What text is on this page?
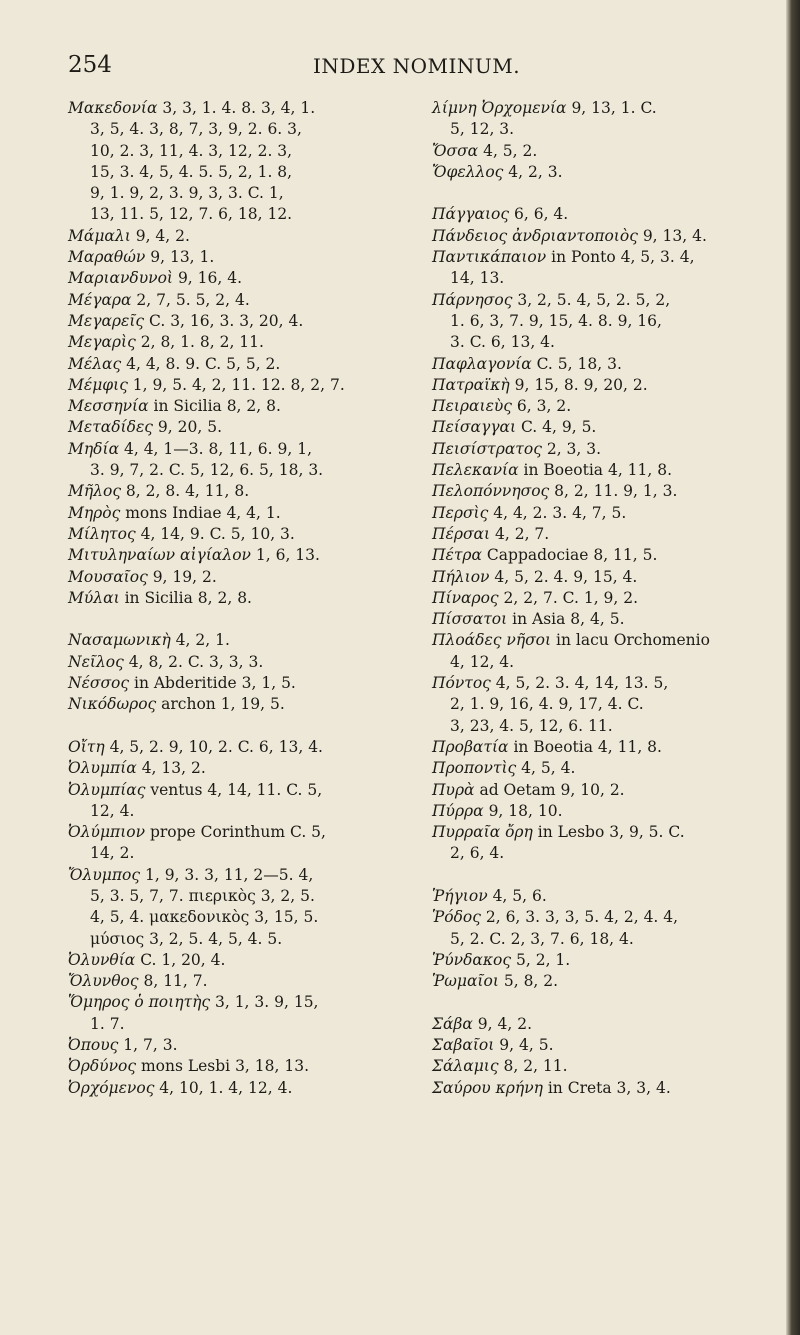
254	INDEX NOMINUM.
Μακεδονία 3, 3, 1. 4. 8. 3, 4, 1.
3, 5, 4. 3, 8, 7, 3, 9, 2. 6. 3,
10, 2. 3, 11, 4. 3, 12, 2. 3,
15, 3. 4, 5, 4. 5. 5, 2, 1. 8,
9, 1. 9, 2, 3. 9, 3, 3. C. 1,
13, 11. 5, 12, 7. 6, 18, 12.
Μάμαλι 9, 4, 2.
Μαραθών 9, 13, 1.
Μαριανδυνοὶ 9, 16, 4.
Μέγαρα 2, 7, 5. 5, 2, 4.
Μεγαρεῖς C. 3, 16, 3. 3, 20, 4.
Μεγαρὶς 2, 8, 1. 8, 2, 11.
Μέλας 4, 4, 8. 9. C. 5, 5, 2.
Μέμφις 1, 9, 5. 4, 2, 11. 12. 8, 2, 7.
Μεσσηνία in Sicilia 8, 2, 8.
Μεταδίδες 9, 20, 5.
Μηδία 4, 4, 1—3. 8, 11, 6. 9, 1,
3. 9, 7, 2. C. 5, 12, 6. 5, 18, 3.
Μῆλος 8, 2, 8. 4, 11, 8.
Μηρὸς mons Indiae 4, 4, 1.
Μίλητος 4, 14, 9. C. 5, 10, 3.
Μιτυληναίων αἰγίαλον 1, 6, 13.
Μουσαῖος 9, 19, 2.
Μύλαι in Sicilia 8, 2, 8.
Νασαμωνικὴ 4, 2, 1.
Νεῖλος 4, 8, 2. C. 3, 3, 3.
Νέσσος in Abderitide 3, 1, 5.
Νικόδωρος archon 1, 19, 5.
Οἴτη 4, 5, 2. 9, 10, 2. C. 6, 13, 4.
Ὀλυμπία 4, 13, 2.
Ὀλυμπίας ventus 4, 14, 11. C. 5,
12, 4.
Ὀλύμπιον prope Corinthum C. 5,
14, 2.
Ὄλυμπος 1, 9, 3. 3, 11, 2—5. 4,
5, 3. 5, 7, 7. πιερικὸς 3, 2, 5.
4, 5, 4. μακεδονικὸς 3, 15, 5.
μύσιος 3, 2, 5. 4, 5, 4. 5.
Ὀλυνθία C. 1, 20, 4.
Ὄλυνθος 8, 11, 7.
Ὅμηρος ὁ ποιητὴς 3, 1, 3. 9, 15,
1. 7.
Ὀπους 1, 7, 3.
Ὀρδύνος mons Lesbi 3, 18, 13.
Ὀρχόμενος 4, 10, 1. 4, 12, 4.
λίμνη Ὀρχομενία 9, 13, 1. C.
5, 12, 3.
Ὄσσα 4, 5, 2.
Ὄφελλος 4, 2, 3.
Πάγγαιος 6, 6, 4.
Πάνδειος ἀνδριαντοποιὸς 9, 13, 4.
Παντικάπαιον in Ponto 4, 5, 3. 4,
14, 13.
Πάρνησος 3, 2, 5. 4, 5, 2. 5, 2,
1. 6, 3, 7. 9, 15, 4. 8. 9, 16,
3. C. 6, 13, 4.
Παφλαγονία C. 5, 18, 3.
Πατραϊκὴ 9, 15, 8. 9, 20, 2.
Πειραιεὺς 6, 3, 2.
Πείσαγγαι C. 4, 9, 5.
Πεισίστρατος 2, 3, 3.
Πελεκανία in Boeotia 4, 11, 8.
Πελοπόννησος 8, 2, 11. 9, 1, 3.
Περσὶς 4, 4, 2. 3. 4, 7, 5.
Πέρσαι 4, 2, 7.
Πέτρα Cappadociae 8, 11, 5.
Πήλιον 4, 5, 2. 4. 9, 15, 4.
Πίναρος 2, 2, 7. C. 1, 9, 2.
Πίσσατοι in Asia 8, 4, 5.
Πλοάδες νῆσοι in lacu Orchomenio
4, 12, 4.
Πόντος 4, 5, 2. 3. 4, 14, 13. 5,
2, 1. 9, 16, 4. 9, 17, 4. C.
3, 23, 4. 5, 12, 6. 11.
Προβατία in Boeotia 4, 11, 8.
Προποντὶς 4, 5, 4.
Πυρὰ ad Oetam 9, 10, 2.
Πύρρα 9, 18, 10.
Πυρραῖα ὄρη in Lesbo 3, 9, 5. C.
2, 6, 4.
Ῥήγιον 4, 5, 6.
Ῥόδος 2, 6, 3. 3, 3, 5. 4, 2, 4. 4,
5, 2. C. 2, 3, 7. 6, 18, 4.
Ῥύνδακος 5, 2, 1.
Ῥωμαῖοι 5, 8, 2.
Σάβα 9, 4, 2.
Σαβαῖοι 9, 4, 5.
Σάλαμις 8, 2, 11.
Σαύρου κρήνη in Creta 3, 3, 4.
